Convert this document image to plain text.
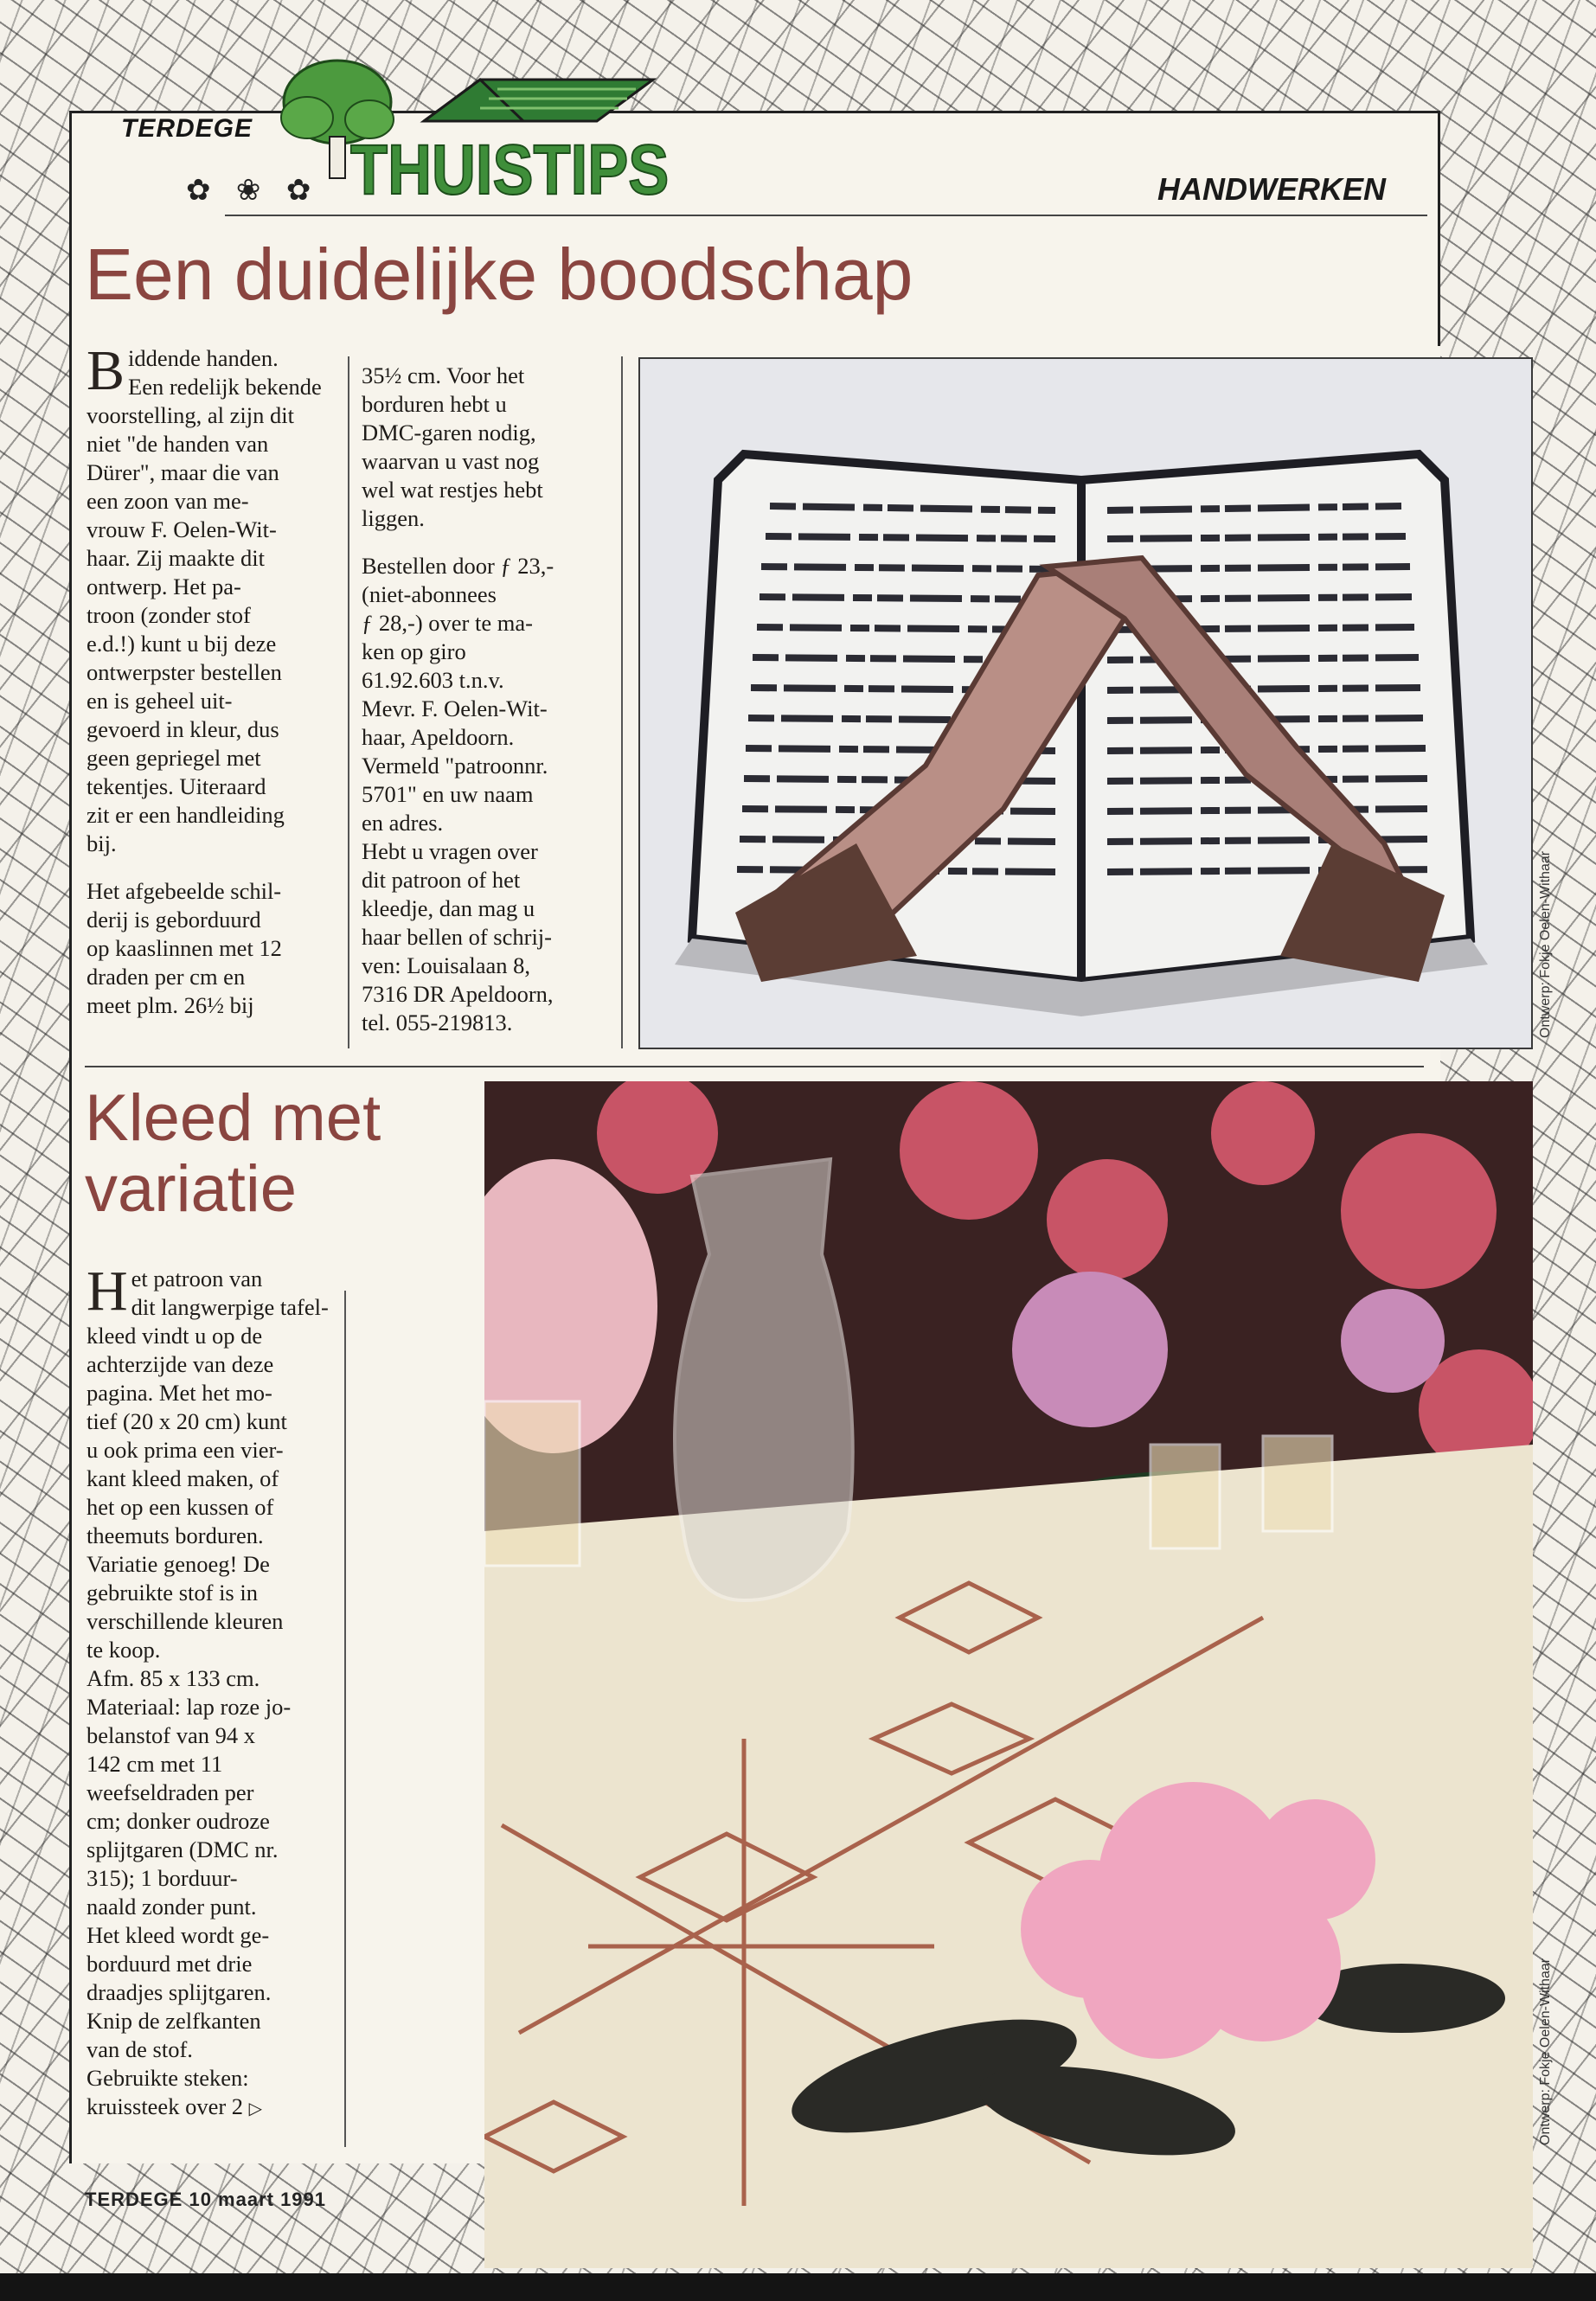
TERDEGE
✿ ❀ ✿ THUISTIPS	HANDWERKEN
Een duidelijke boodschap

Biddende handen.
Een redelijk bekende
voorstelling, al zijn dit
niet "de handen van
Dürer", maar die van
een zoon van me-
vrouw F. Oelen-Wit-
haar. Zij maakte dit
ontwerp. Het pa-
troon (zonder stof
e.d.!) kunt u bij deze
ontwerpster bestellen
en is geheel uit-
gevoerd in kleur, dus
geen gepriegel met
tekentjes. Uiteraard
zit er een handleiding
bij.

Het afgebeelde schil-
derij is geborduurd
op kaaslinnen met 12
draden per cm en
meet plm. 26½ bij

35½ cm. Voor het
borduren hebt u
DMC-garen nodig,
waarvan u vast nog
wel wat restjes hebt
liggen.

Bestellen door ƒ 23,-
(niet-abonnees
ƒ 28,-) over te ma-
ken op giro
61.92.603 t.n.v.
Mevr. F. Oelen-Wit-
haar, Apeldoorn.
Vermeld "patroonnr.
5701" en uw naam
en adres.
Hebt u vragen over
dit patroon of het
kleedje, dan mag u
haar bellen of schrij-
ven: Louisalaan 8,
7316 DR Apeldoorn,
tel. 055-219813.	Ontwerp: Fokje Oelen-Withaar
Kleed met
variatie

Het patroon van
dit langwerpige tafel-
kleed vindt u op de
achterzijde van deze
pagina. Met het mo-
tief (20 x 20 cm) kunt
u ook prima een vier-
kant kleed maken, of
het op een kussen of
theemuts borduren.
Variatie genoeg! De
gebruikte stof is in
verschillende kleuren
te koop.
Afm. 85 x 133 cm.
Materiaal: lap roze jo-
belanstof van 94 x
142 cm met 11
weefseldraden per
cm; donker oudroze
splijtgaren (DMC nr.
315); 1 borduur-
naald zonder punt.
Het kleed wordt ge-
borduurd met drie
draadjes splijtgaren.
Knip de zelfkanten
van de stof.
Gebruikte steken:
kruissteek over 2 ▷	Ontwerp: Fokje Oelen-Withaar
TERDEGE 10 maart 1991
